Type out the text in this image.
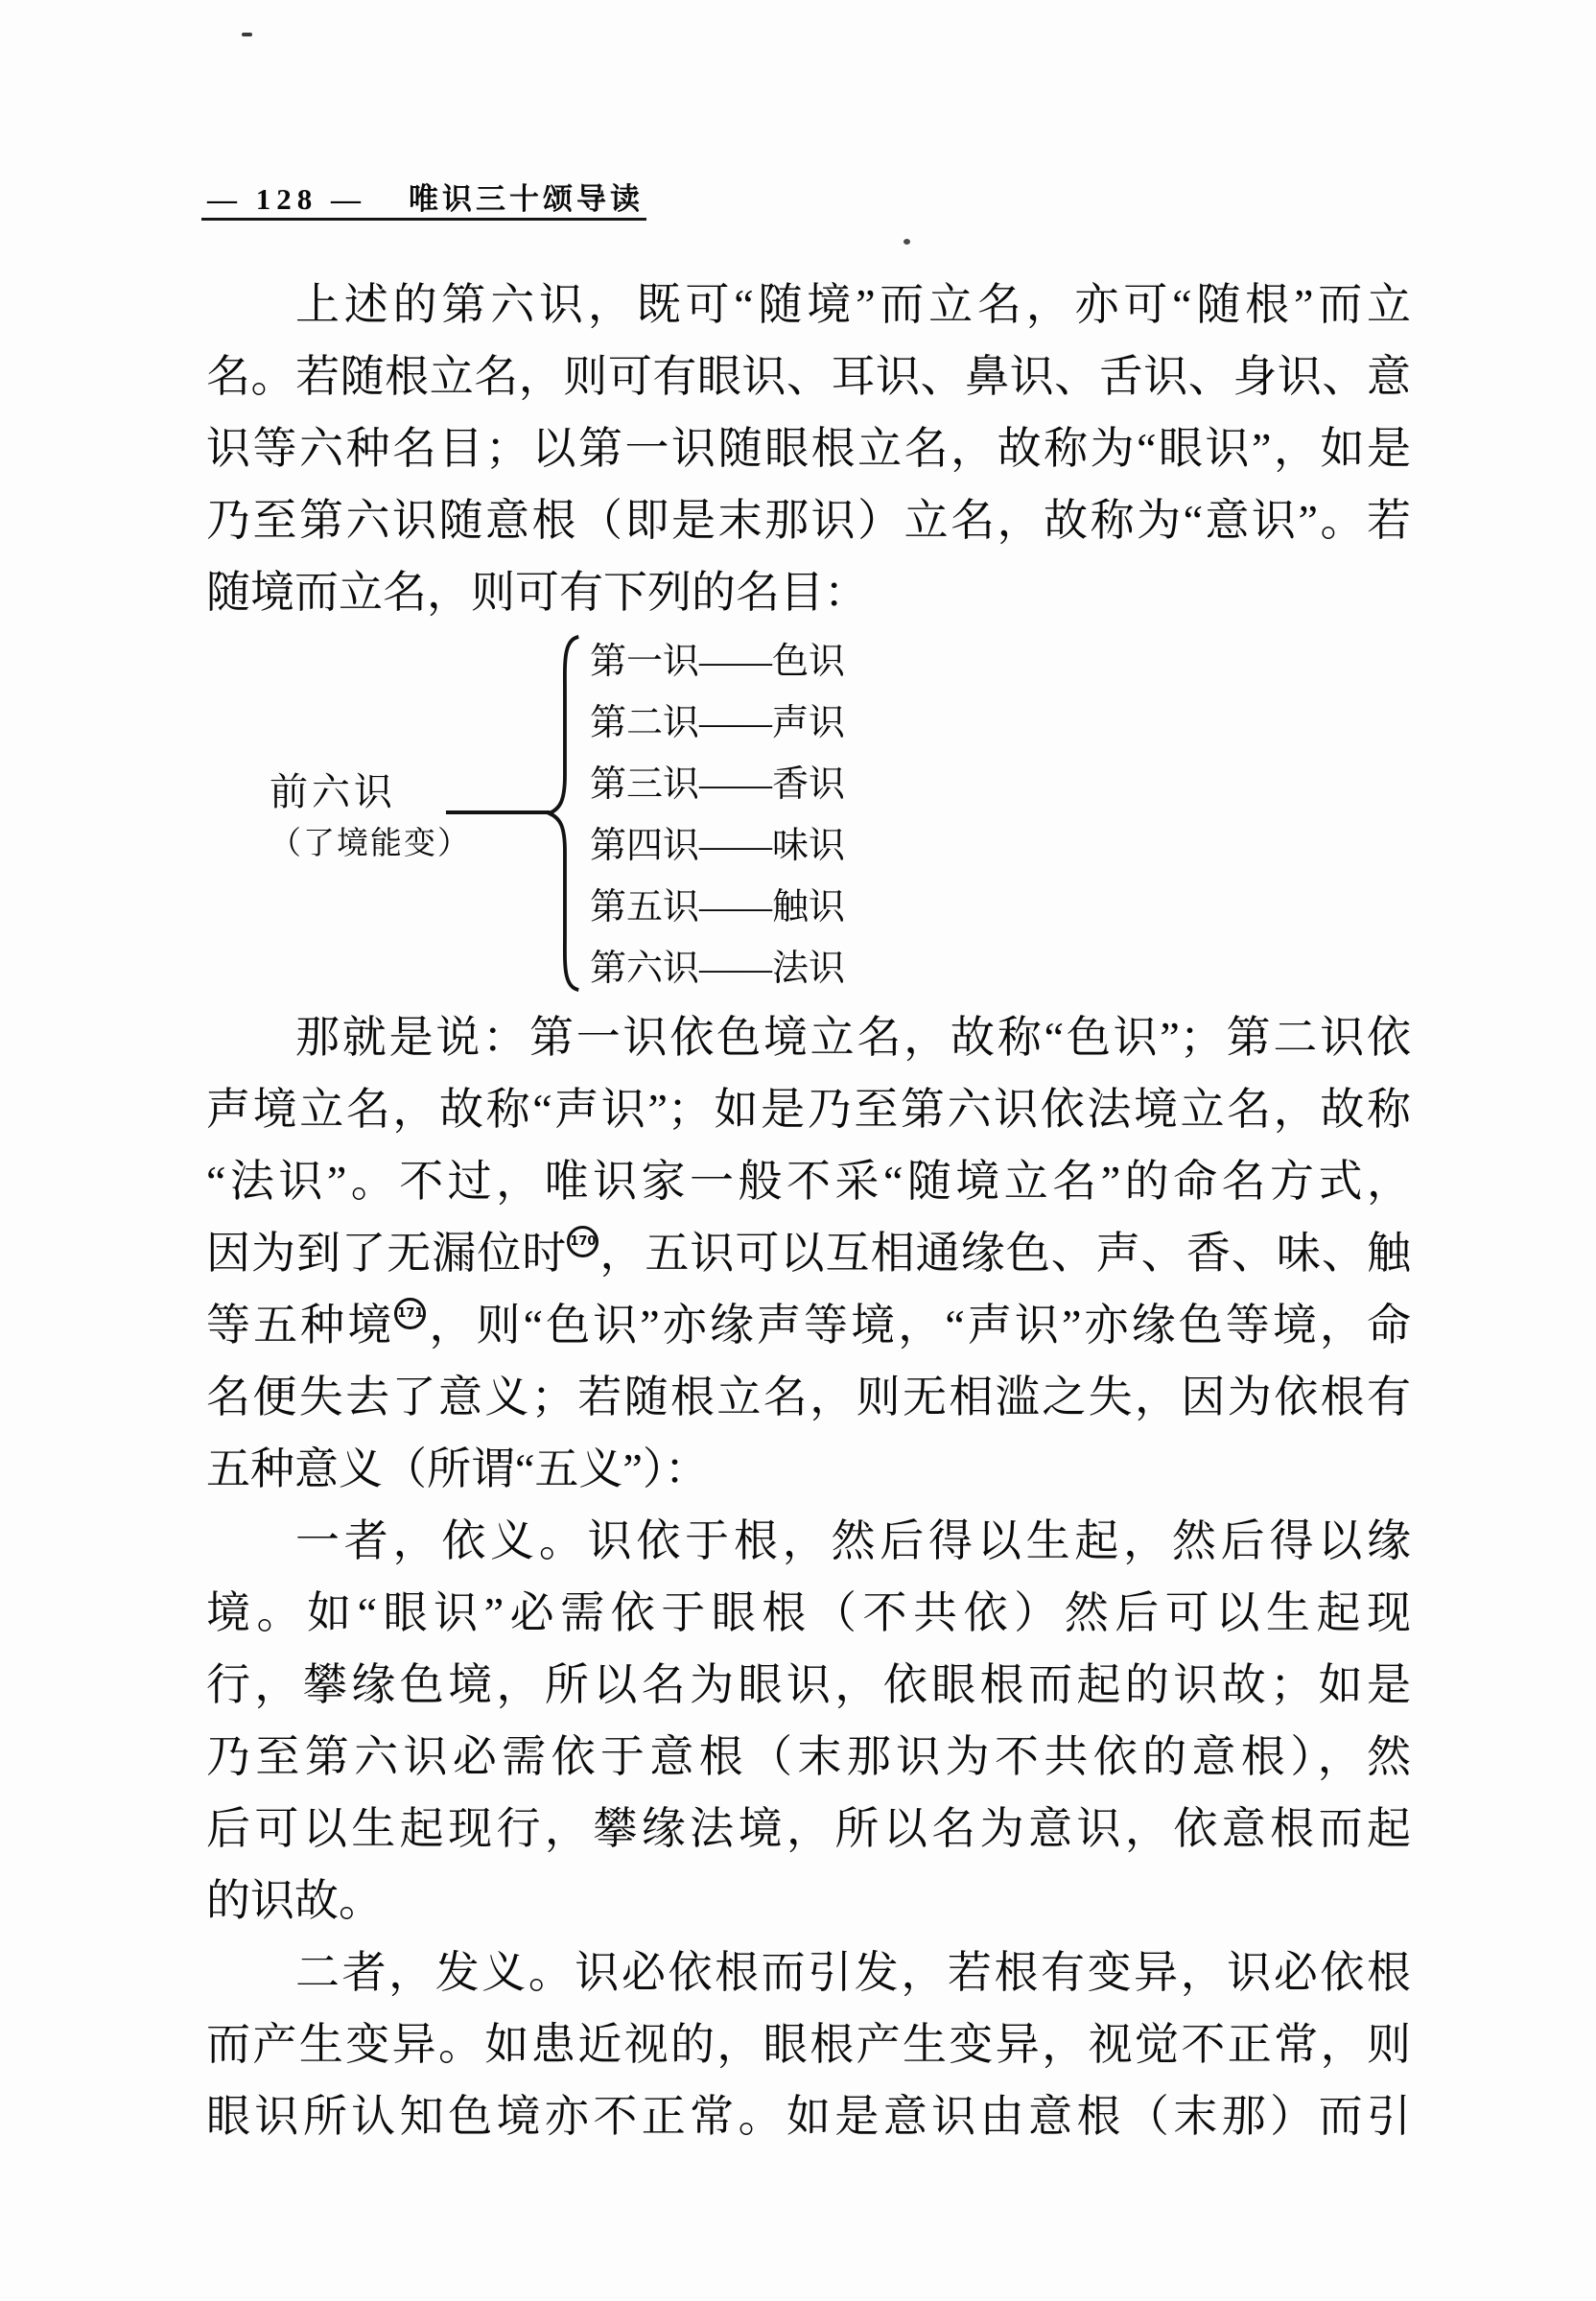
— 128 — 唯识三十颂导读
上述的第六识，既可“随境”而立名，亦可“随根”而立
名。若随根立名，则可有眼识、耳识、鼻识、舌识、身识、意
识等六种名目；以第一识随眼根立名，故称为“眼识”，如是
乃至第六识随意根（即是末那识）立名，故称为“意识”。若
随境而立名，则可有下列的名目：
前六识
（了境能变）
第一识——色识
第二识——声识
第三识——香识
第四识——味识
第五识——触识
第六识——法识
那就是说：第一识依色境立名，故称“色识”；第二识依
声境立名，故称“声识”；如是乃至第六识依法境立名，故称
“法识”。不过，唯识家一般不采“随境立名”的命名方式，
因为到了无漏位时 170，五识可以互相通缘色、声、香、味、触
等五种境 171，则“色识”亦缘声等境，“声识”亦缘色等境，命
名便失去了意义；若随根立名，则无相滥之失，因为依根有
五种意义（所谓“五义”）：
一者，依义。识依于根，然后得以生起，然后得以缘
境。如“眼识”必需依于眼根（不共依）然后可以生起现
行，攀缘色境，所以名为眼识，依眼根而起的识故；如是
乃至第六识必需依于意根（末那识为不共依的意根），然
后可以生起现行，攀缘法境，所以名为意识，依意根而起
的识故。
二者，发义。识必依根而引发，若根有变异，识必依根
而产生变异。如患近视的，眼根产生变异，视觉不正常，则
眼识所认知色境亦不正常。如是意识由意根（末那）而引
